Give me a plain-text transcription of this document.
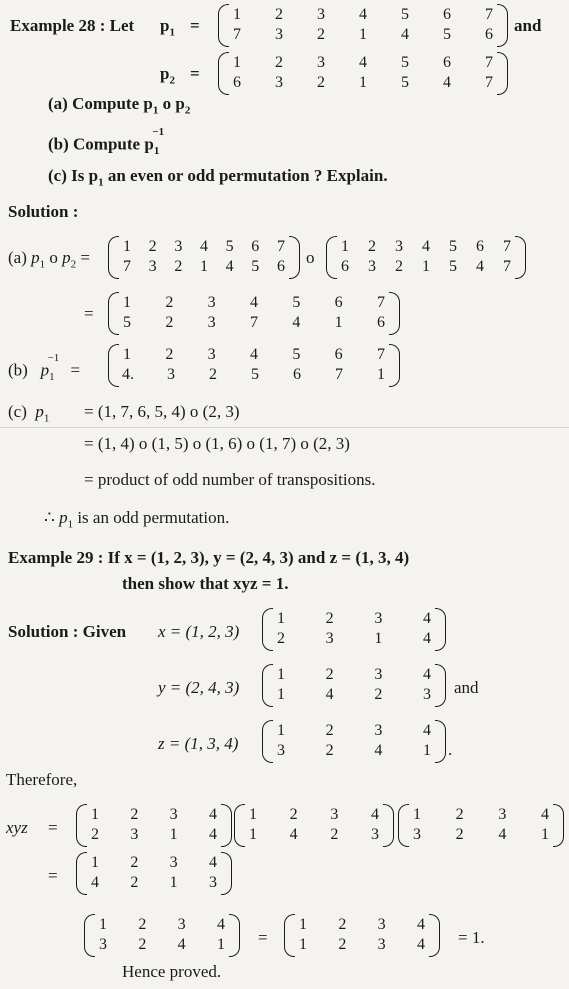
Example 28 : Let $p_1$ =
1 2 3 4 5 6 7
7 3 2 1 4 5 6 and
$p_2$ =
1 2 3 4 5 6 7
6 3 2 1 5 4 7
(a) Compute $p_1$ o $p_2$
(b) Compute $p_1^{-1}$
(c) Is $p_1$ an even or odd permutation ? Explain.
Solution :
(a) $p_1$ o $p_2$ =
1 2 3 4 5 6 7
7 3 2 1 4 5 6 o
1 2 3 4 5 6 7
6 3 2 1 5 4 7
=
1 2 3 4 5 6 7
5 2 3 7 4 1 6
(b) $p_1^{-1}$ =
1 2 3 4 5 6 7
4. 3 2 5 6 7 1
(c) $p_1 = (1$, 7, 6, 5, 4) o (2, 3)
= (1, 4) o (1, 5) o (1, 6) o (1, 7) o (2, 3)
= product of odd number of transpositions.
∴ $p_1$ is an odd permutation.
Example 29 : If x = (1, 2, 3), y = (2, 4, 3) and z = (1, 3, 4)
then show that xyz = 1.
Solution : Given x = (1, 2, 3)
1	2	3	4
2	3	1	4
y = (2, 4, 3)
1	2	3	4
1	4	2	3 and
z = (1, 3, 4)
1	2	3	4
3	2	4	1 .
Therefore,
xyz =
1 2 3 4
2 3 1 4
1 2 3 4
1 4 2 3
1 2 3 4
3 2 4 1
=
1 2 3 4
4 2 1 3
1 2 3 4
3 2 4 1 =
1 2 3 4
1 2 3 4 = 1.
Hence proved.
